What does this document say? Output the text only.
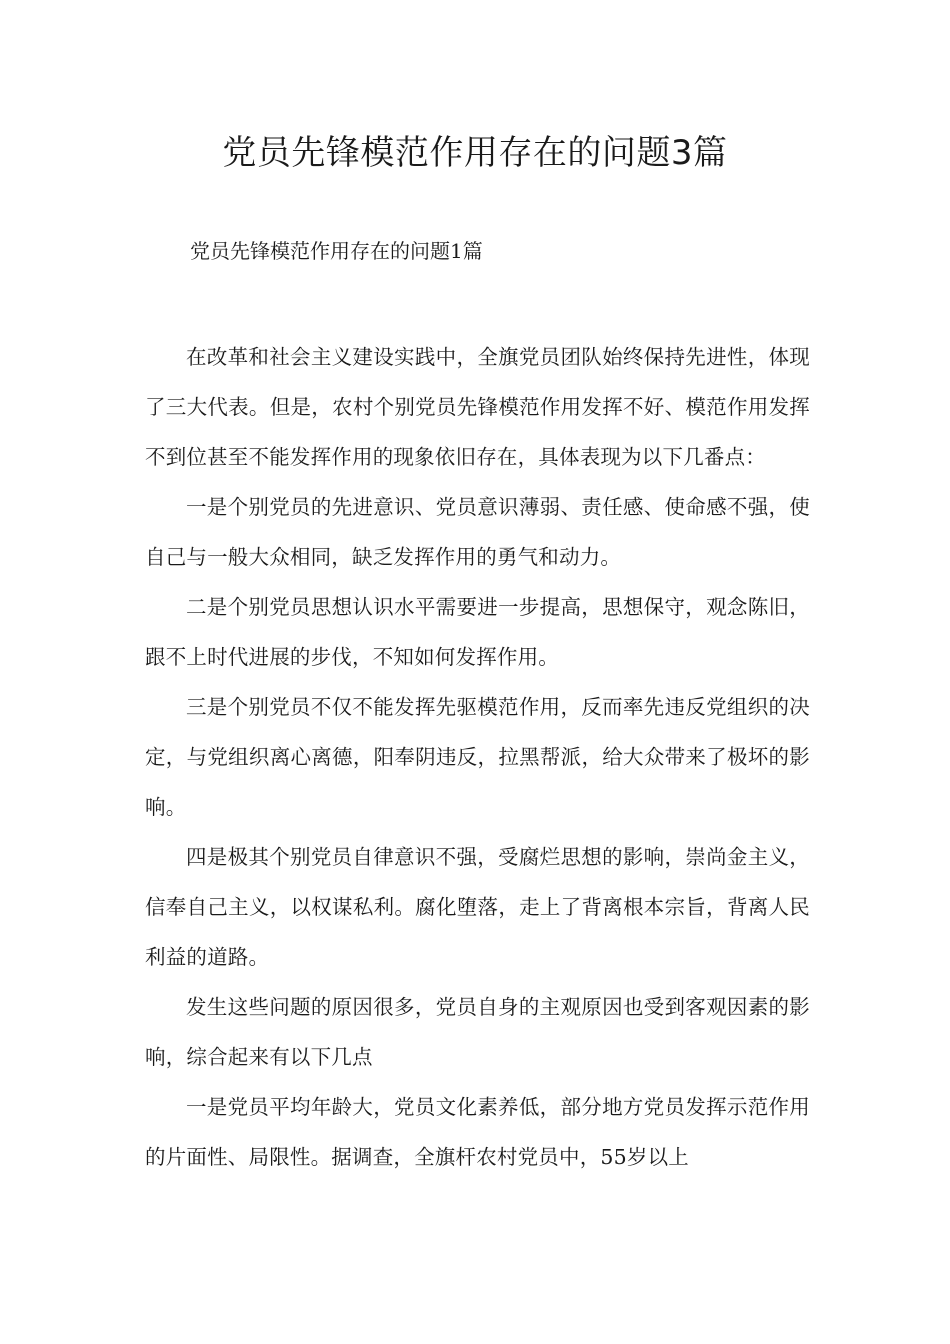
党员先锋模范作用存在的问题3篇
党员先锋模范作用存在的问题1篇

在改革和社会主义建设实践中，全旗党员团队始终保持先进性，体现了三大代表。但是，农村个别党员先锋模范作用发挥不好、模范作用发挥不到位甚至不能发挥作用的现象依旧存在，具体表现为以下几番点：

一是个别党员的先进意识、党员意识薄弱、责任感、使命感不强，使自己与一般大众相同，缺乏发挥作用的勇气和动力。

二是个别党员思想认识水平需要进一步提高，思想保守，观念陈旧，跟不上时代进展的步伐，不知如何发挥作用。

三是个别党员不仅不能发挥先驱模范作用，反而率先违反党组织的决定，与党组织离心离德，阳奉阴违反，拉黑帮派，给大众带来了极坏的影响。

四是极其个别党员自律意识不强，受腐烂思想的影响，崇尚金主义，信奉自己主义，以权谋私利。腐化堕落，走上了背离根本宗旨，背离人民利益的道路。

发生这些问题的原因很多，党员自身的主观原因也受到客观因素的影响，综合起来有以下几点

一是党员平均年龄大，党员文化素养低，部分地方党员发挥示范作用的片面性、局限性。据调查，全旗杆农村党员中，55岁以上
